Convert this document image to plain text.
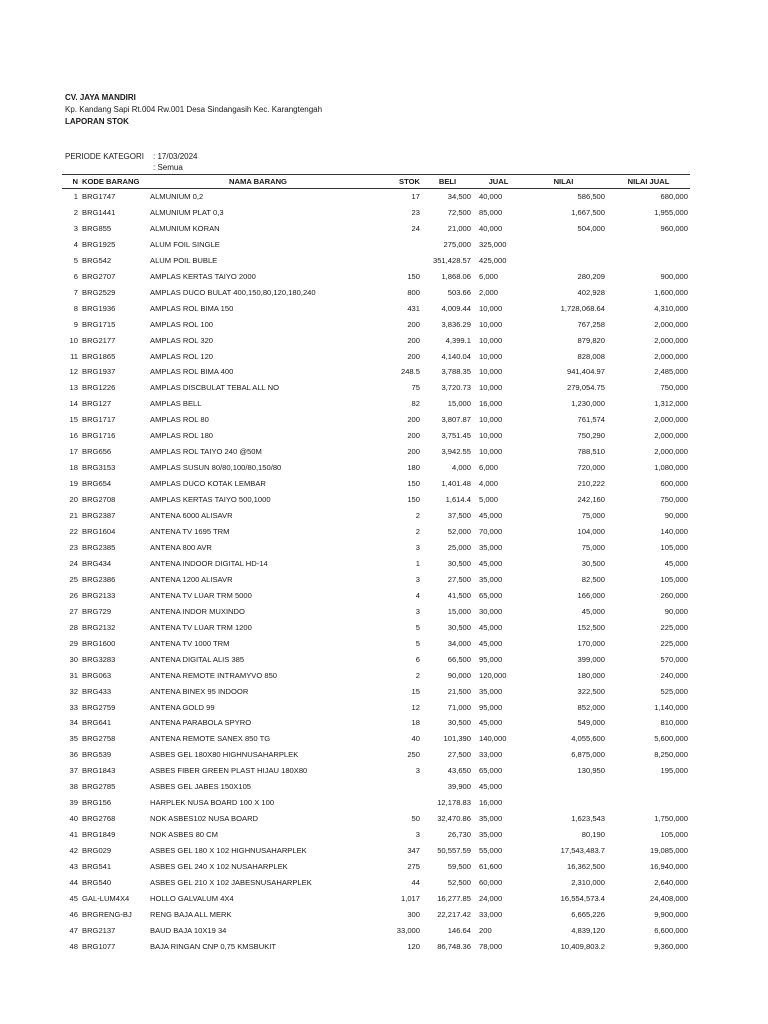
CV. JAYA MANDIRI
Kp. Kandang Sapi Rt.004 Rw.001 Desa Sindangasih Kec. Karangtengah
LAPORAN STOK
PERIODE KATEGORI : 17/03/2024
: Semua
N	KODE BARANG	NAMA BARANG	STOK	BELI	JUAL	NILAI	NILAI JUAL
1	BRG1747	ALMUNIUM 0,2	17	34,500	40,000	586,500	680,000
2	BRG1441	ALMUNIUM PLAT 0,3	23	72,500	85,000	1,667,500	1,955,000
3	BRG855	ALMUNIUM KORAN	24	21,000	40,000	504,000	960,000
4	BRG1925	ALUM FOIL SINGLE		275,000	325,000		
5	BRG542	ALUM POIL BUBLE		351,428.57	425,000		
6	BRG2707	AMPLAS KERTAS TAIYO 2000	150	1,868.06	6,000	280,209	900,000
7	BRG2529	AMPLAS DUCO BULAT 400,150,80,120,180,240	800	503.66	2,000	402,928	1,600,000
8	BRG1936	AMPLAS ROL BIMA 150	431	4,009.44	10,000	1,728,068.64	4,310,000
9	BRG1715	AMPLAS ROL 100	200	3,836.29	10,000	767,258	2,000,000
10	BRG2177	AMPLAS ROL 320	200	4,399.1	10,000	879,820	2,000,000
11	BRG1865	AMPLAS ROL 120	200	4,140.04	10,000	828,008	2,000,000
12	BRG1937	AMPLAS ROL BIMA 400	248.5	3,788.35	10,000	941,404.97	2,485,000
13	BRG1226	AMPLAS DISCBULAT TEBAL ALL NO	75	3,720.73	10,000	279,054.75	750,000
14	BRG127	AMPLAS BELL	82	15,000	16,000	1,230,000	1,312,000
15	BRG1717	AMPLAS ROL 80	200	3,807.87	10,000	761,574	2,000,000
16	BRG1716	AMPLAS ROL 180	200	3,751.45	10,000	750,290	2,000,000
17	BRG656	AMPLAS ROL TAIYO 240 @50M	200	3,942.55	10,000	788,510	2,000,000
18	BRG3153	AMPLAS SUSUN 80/80,100/80,150/80	180	4,000	6,000	720,000	1,080,000
19	BRG654	AMPLAS DUCO KOTAK LEMBAR	150	1,401.48	4,000	210,222	600,000
20	BRG2708	AMPLAS KERTAS TAIYO 500,1000	150	1,614.4	5,000	242,160	750,000
21	BRG2387	ANTENA 6000 ALISAVR	2	37,500	45,000	75,000	90,000
22	BRG1604	ANTENA TV 1695 TRM	2	52,000	70,000	104,000	140,000
23	BRG2385	ANTENA 800 AVR	3	25,000	35,000	75,000	105,000
24	BRG434	ANTENA INDOOR DIGITAL HD-14	1	30,500	45,000	30,500	45,000
25	BRG2386	ANTENA 1200 ALISAVR	3	27,500	35,000	82,500	105,000
26	BRG2133	ANTENA TV LUAR TRM 5000	4	41,500	65,000	166,000	260,000
27	BRG729	ANTENA INDOR MUXINDO	3	15,000	30,000	45,000	90,000
28	BRG2132	ANTENA TV LUAR TRM 1200	5	30,500	45,000	152,500	225,000
29	BRG1600	ANTENA TV 1000 TRM	5	34,000	45,000	170,000	225,000
30	BRG3283	ANTENA DIGITAL ALIS 385	6	66,500	95,000	399,000	570,000
31	BRG063	ANTENA REMOTE INTRAMYVO 850	2	90,000	120,000	180,000	240,000
32	BRG433	ANTENA BINEX 95 INDOOR	15	21,500	35,000	322,500	525,000
33	BRG2759	ANTENA GOLD 99	12	71,000	95,000	852,000	1,140,000
34	BRG641	ANTENA PARABOLA SPYRO	18	30,500	45,000	549,000	810,000
35	BRG2758	ANTENA REMOTE SANEX 850 TG	40	101,390	140,000	4,055,600	5,600,000
36	BRG539	ASBES GEL 180X80 HIGHNUSAHARPLEK	250	27,500	33,000	6,875,000	8,250,000
37	BRG1843	ASBES FIBER GREEN PLAST HIJAU 180X80	3	43,650	65,000	130,950	195,000
38	BRG2785	ASBES GEL JABES 150X105		39,900	45,000		
39	BRG156	HARPLEK NUSA BOARD 100 X 100		12,178.83	16,000		
40	BRG2768	NOK ASBES102 NUSA BOARD	50	32,470.86	35,000	1,623,543	1,750,000
41	BRG1849	NOK ASBES 80 CM	3	26,730	35,000	80,190	105,000
42	BRG029	ASBES GEL 180 X 102 HIGHNUSAHARPLEK	347	50,557.59	55,000	17,543,483.7	19,085,000
43	BRG541	ASBES GEL 240 X 102 NUSAHARPLEK	275	59,500	61,600	16,362,500	16,940,000
44	BRG540	ASBES GEL 210 X 102 JABESNUSAHARPLEK	44	52,500	60,000	2,310,000	2,640,000
45	GAL-LUM4X4	HOLLO GALVALUM 4X4	1,017	16,277.85	24,000	16,554,573.4	24,408,000
46	BRGRENG-BJ	RENG BAJA ALL MERK	300	22,217.42	33,000	6,665,226	9,900,000
47	BRG2137	BAUD BAJA 10X19 34	33,000	146.64	200	4,839,120	6,600,000
48	BRG1077	BAJA RINGAN CNP 0,75 KMSBUKIT	120	86,748.36	78,000	10,409,803.2	9,360,000
